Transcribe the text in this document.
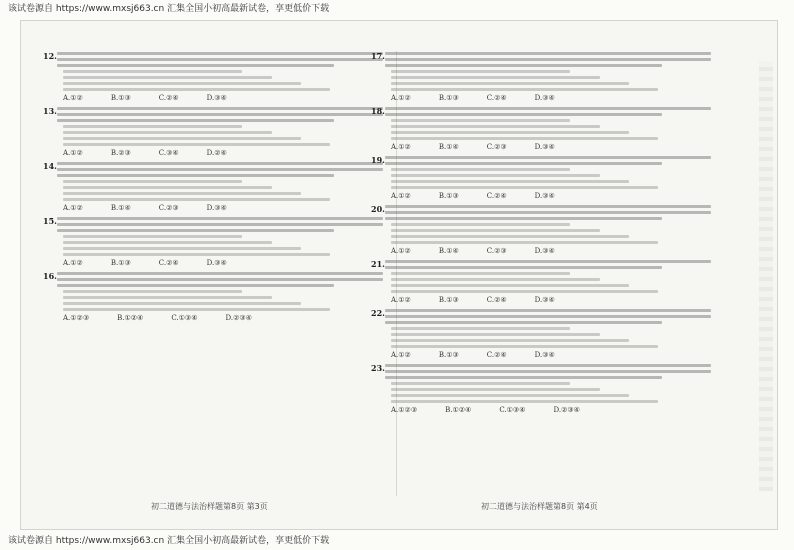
该试卷源自 https://www.mxsj663.cn 汇集全国小初高最新试卷，享更低价下载
12.
A.①②	B.①③	C.②④	D.③④
13.
A.①②	B.②③	C.③④	D.②④
14.
A.①②	B.①④	C.②③	D.③④
15.
A.①②	B.①③	C.②④	D.③④
16.
A.①②③	B.①②④	C.①③④	D.②③④
17.
A.①②	B.①③	C.②④	D.③④
18.
A.①②	B.①④	C.②③	D.③④
19.
A.①②	B.①③	C.②④	D.③④
20.
A.①②	B.①④	C.②③	D.③④
21.
A.①②	B.①③	C.②④	D.③④
22.
A.①②	B.①③	C.②④	D.③④
23.
A.①②③	B.①②④	C.①③④	D.②③④
初二道德与法治样题第8页 第3页	初二道德与法治样题第8页 第4页
该试卷源自 https://www.mxsj663.cn 汇集全国小初高最新试卷，享更低价下载
